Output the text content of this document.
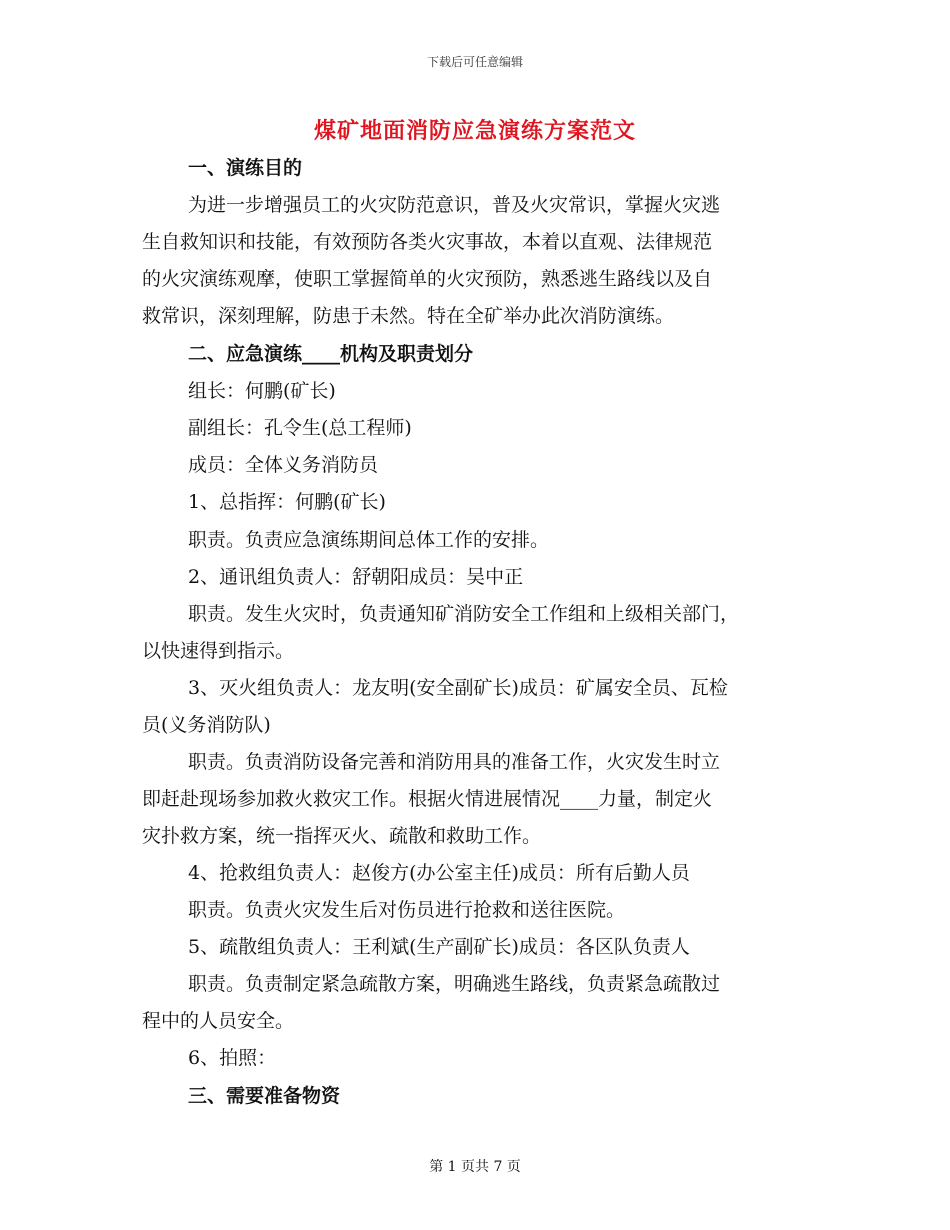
下载后可任意编辑
煤矿地面消防应急演练方案范文
一、演练目的
为进一步增强员工的火灾防范意识，普及火灾常识，掌握火灾逃
生自救知识和技能，有效预防各类火灾事故，本着以直观、法律规范
的火灾演练观摩，使职工掌握简单的火灾预防，熟悉逃生路线以及自
救常识，深刻理解，防患于未然。特在全矿举办此次消防演练。
二、应急演练____机构及职责划分
组长：何鹏(矿长)
副组长：孔令生(总工程师)
成员：全体义务消防员
1、总指挥：何鹏(矿长)
职责。负责应急演练期间总体工作的安排。
2、通讯组负责人：舒朝阳成员：吴中正
职责。发生火灾时，负责通知矿消防安全工作组和上级相关部门，
以快速得到指示。
3、灭火组负责人：龙友明(安全副矿长)成员：矿属安全员、瓦检
员(义务消防队)
职责。负责消防设备完善和消防用具的准备工作，火灾发生时立
即赶赴现场参加救火救灾工作。根据火情进展情况____力量，制定火
灾扑救方案，统一指挥灭火、疏散和救助工作。
4、抢救组负责人：赵俊方(办公室主任)成员：所有后勤人员
职责。负责火灾发生后对伤员进行抢救和送往医院。
5、疏散组负责人：王利斌(生产副矿长)成员：各区队负责人
职责。负责制定紧急疏散方案，明确逃生路线，负责紧急疏散过
程中的人员安全。
6、拍照：
三、需要准备物资
第 1 页共 7 页
